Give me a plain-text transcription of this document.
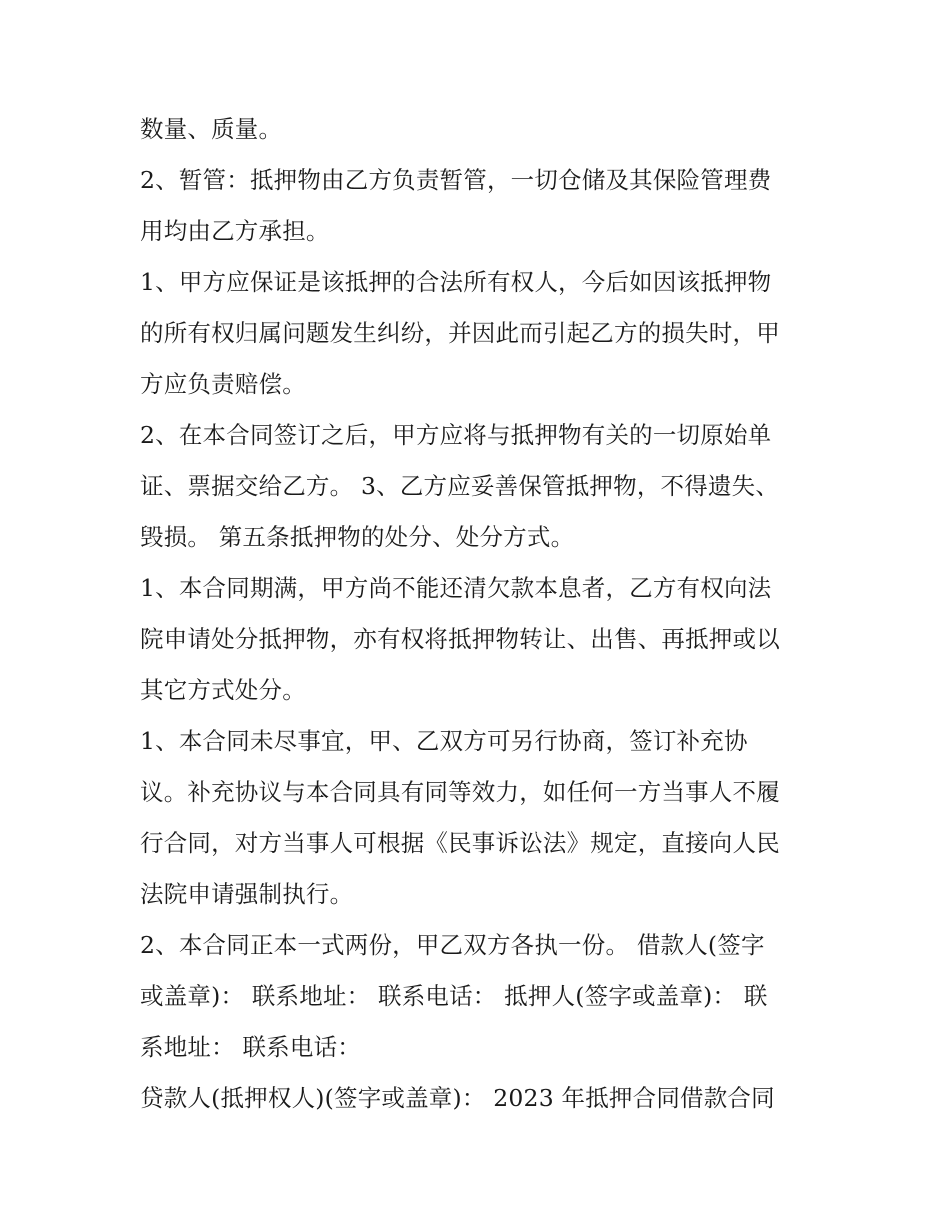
数量、质量。
2、暂管：抵押物由乙方负责暂管，一切仓储及其保险管理费
用均由乙方承担。
1、甲方应保证是该抵押的合法所有权人，今后如因该抵押物
的所有权归属问题发生纠纷，并因此而引起乙方的损失时，甲
方应负责赔偿。
2、在本合同签订之后，甲方应将与抵押物有关的一切原始单
证、票据交给乙方。 3、乙方应妥善保管抵押物，不得遗失、
毁损。 第五条抵押物的处分、处分方式。
1、本合同期满，甲方尚不能还清欠款本息者，乙方有权向法
院申请处分抵押物，亦有权将抵押物转让、出售、再抵押或以
其它方式处分。
1、本合同未尽事宜，甲、乙双方可另行协商，签订补充协
议。补充协议与本合同具有同等效力，如任何一方当事人不履
行合同，对方当事人可根据《民事诉讼法》规定，直接向人民
法院申请强制执行。
2、本合同正本一式两份，甲乙双方各执一份。 借款人(签字
或盖章)： 联系地址： 联系电话： 抵押人(签字或盖章)： 联
系地址： 联系电话：
贷款人(抵押权人)(签字或盖章)： 2023 年抵押合同借款合同
